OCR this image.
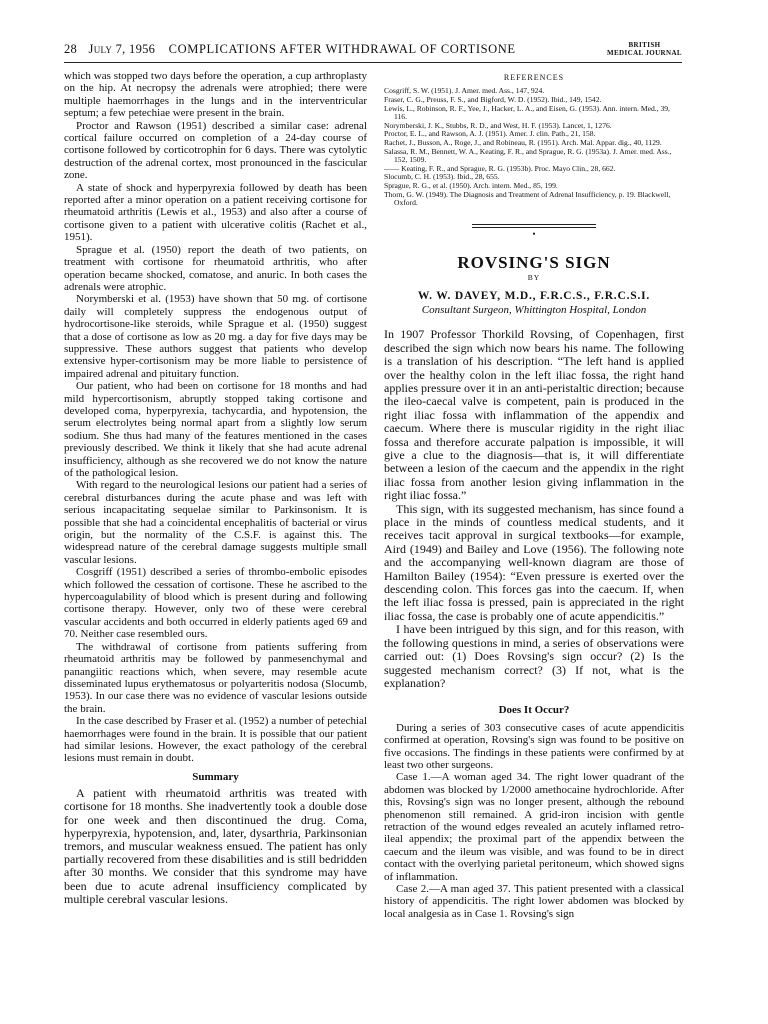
28 July 7, 1956 COMPLICATIONS AFTER WITHDRAWAL OF CORTISONE	BRITISH
MEDICAL JOURNAL

which was stopped two days before the operation, a cup arthroplasty on the hip. At necropsy the adrenals were atrophied; there were multiple haemorrhages in the lungs and in the interventricular septum; a few petechiae were present in the brain.

Proctor and Rawson (1951) described a similar case: adrenal cortical failure occurred on completion of a 24-day course of cortisone followed by corticotrophin for 6 days. There was cytolytic destruction of the adrenal cortex, most pronounced in the fascicular zone.

A state of shock and hyperpyrexia followed by death has been reported after a minor operation on a patient receiving cortisone for rheumatoid arthritis (Lewis et al., 1953) and also after a course of cortisone given to a patient with ulcerative colitis (Rachet et al., 1951).

Sprague et al. (1950) report the death of two patients, on treatment with cortisone for rheumatoid arthritis, who after operation became shocked, comatose, and anuric. In both cases the adrenals were atrophic.

Norymberski et al. (1953) have shown that 50 mg. of cortisone daily will completely suppress the endogenous output of hydrocortisone-like steroids, while Sprague et al. (1950) suggest that a dose of cortisone as low as 20 mg. a day for five days may be suppressive. These authors suggest that patients who develop extensive hyper-cortisonism may be more liable to persistence of impaired adrenal and pituitary function.

Our patient, who had been on cortisone for 18 months and had mild hypercortisonism, abruptly stopped taking cortisone and developed coma, hyperpyrexia, tachycardia, and hypotension, the serum electrolytes being normal apart from a slightly low serum sodium. She thus had many of the features mentioned in the cases previously described. We think it likely that she had acute adrenal insufficiency, although as she recovered we do not know the nature of the pathological lesion.

With regard to the neurological lesions our patient had a series of cerebral disturbances during the acute phase and was left with serious incapacitating sequelae similar to Parkinsonism. It is possible that she had a coincidental encephalitis of bacterial or virus origin, but the normality of the C.S.F. is against this. The widespread nature of the cerebral damage suggests multiple small vascular lesions.

Cosgriff (1951) described a series of thrombo-embolic episodes which followed the cessation of cortisone. These he ascribed to the hypercoagulability of blood which is present during and following cortisone therapy. However, only two of these were cerebral vascular accidents and both occurred in elderly patients aged 69 and 70. Neither case resembled ours.

The withdrawal of cortisone from patients suffering from rheumatoid arthritis may be followed by panmesenchymal and panangiitic reactions which, when severe, may resemble acute disseminated lupus erythematosus or polyarteritis nodosa (Slocumb, 1953). In our case there was no evidence of vascular lesions outside the brain.

In the case described by Fraser et al. (1952) a number of petechial haemorrhages were found in the brain. It is possible that our patient had similar lesions. However, the exact pathology of the cerebral lesions must remain in doubt.

Summary

A patient with rheumatoid arthritis was treated with cortisone for 18 months. She inadvertently took a double dose for one week and then discontinued the drug. Coma, hyperpyrexia, hypotension, and, later, dysarthria, Parkinsonian tremors, and muscular weakness ensued. The patient has only partially recovered from these disabilities and is still bedridden after 30 months. We consider that this syndrome may have been due to acute adrenal insufficiency complicated by multiple cerebral vascular lesions.

REFERENCES
Cosgriff, S. W. (1951). J. Amer. med. Ass., 147, 924.
Fraser, C. G., Preuss, F. S., and Bigford, W. D. (1952). Ibid., 149, 1542.
Lewis, L., Robinson, R. F., Yee, J., Hacker, L. A., and Eisen, G. (1953). Ann. intern. Med., 39, 116.
Norymberski, J. K., Stubbs, R. D., and West, H. F. (1953). Lancet, 1, 1276.
Proctor, E. L., and Rawson, A. J. (1951). Amer. J. clin. Path., 21, 158.
Rachet, J., Busson, A., Roge, J., and Robineau, R. (1951). Arch. Mal. Appar. dig., 40, 1129.
Salassa, R. M., Bennett, W. A., Keating, F. R., and Sprague, R. G. (1953a). J. Amer. med. Ass., 152, 1509.
—— Keating, F. R., and Sprague, R. G. (1953b). Proc. Mayo Clin., 28, 662.
Slocumb, C. H. (1953). Ibid., 28, 655.
Sprague, R. G., et al. (1950). Arch. intern. Med., 85, 199.
Thorn, G. W. (1949). The Diagnosis and Treatment of Adrenal Insufficiency, p. 19. Blackwell, Oxford.
•
ROVSING'S SIGN
BY
W. W. DAVEY, M.D., F.R.C.S., F.R.C.S.I.
Consultant Surgeon, Whittington Hospital, London

In 1907 Professor Thorkild Rovsing, of Copenhagen, first described the sign which now bears his name. The following is a translation of his description. “The left hand is applied over the healthy colon in the left iliac fossa, the right hand applies pressure over it in an anti-peristaltic direction; because the ileo-caecal valve is competent, pain is produced in the right iliac fossa with inflammation of the appendix and caecum. Where there is muscular rigidity in the right iliac fossa and therefore accurate palpation is impossible, it will give a clue to the diagnosis—that is, it will differentiate between a lesion of the caecum and the appendix in the right iliac fossa from another lesion giving inflammation in the right iliac fossa.”

This sign, with its suggested mechanism, has since found a place in the minds of countless medical students, and it receives tacit approval in surgical textbooks—for example, Aird (1949) and Bailey and Love (1956). The following note and the accompanying well-known diagram are those of Hamilton Bailey (1954): “Even pressure is exerted over the descending colon. This forces gas into the caecum. If, when the left iliac fossa is pressed, pain is appreciated in the right iliac fossa, the case is probably one of acute appendicitis.”

I have been intrigued by this sign, and for this reason, with the following questions in mind, a series of observations were carried out: (1) Does Rovsing's sign occur? (2) Is the suggested mechanism correct? (3) If not, what is the explanation?

Does It Occur?

During a series of 303 consecutive cases of acute appendicitis confirmed at operation, Rovsing's sign was found to be positive on five occasions. The findings in these patients were confirmed by at least two other surgeons.

Case 1.—A woman aged 34. The right lower quadrant of the abdomen was blocked by 1/2000 amethocaine hydrochloride. After this, Rovsing's sign was no longer present, although the rebound phenomenon still remained. A grid-iron incision with gentle retraction of the wound edges revealed an acutely inflamed retro-ileal appendix; the proximal part of the appendix between the caecum and the ileum was visible, and was found to be in direct contact with the overlying parietal peritoneum, which showed signs of inflammation.

Case 2.—A man aged 37. This patient presented with a classical history of appendicitis. The right lower abdomen was blocked by local analgesia as in Case 1. Rovsing's sign
